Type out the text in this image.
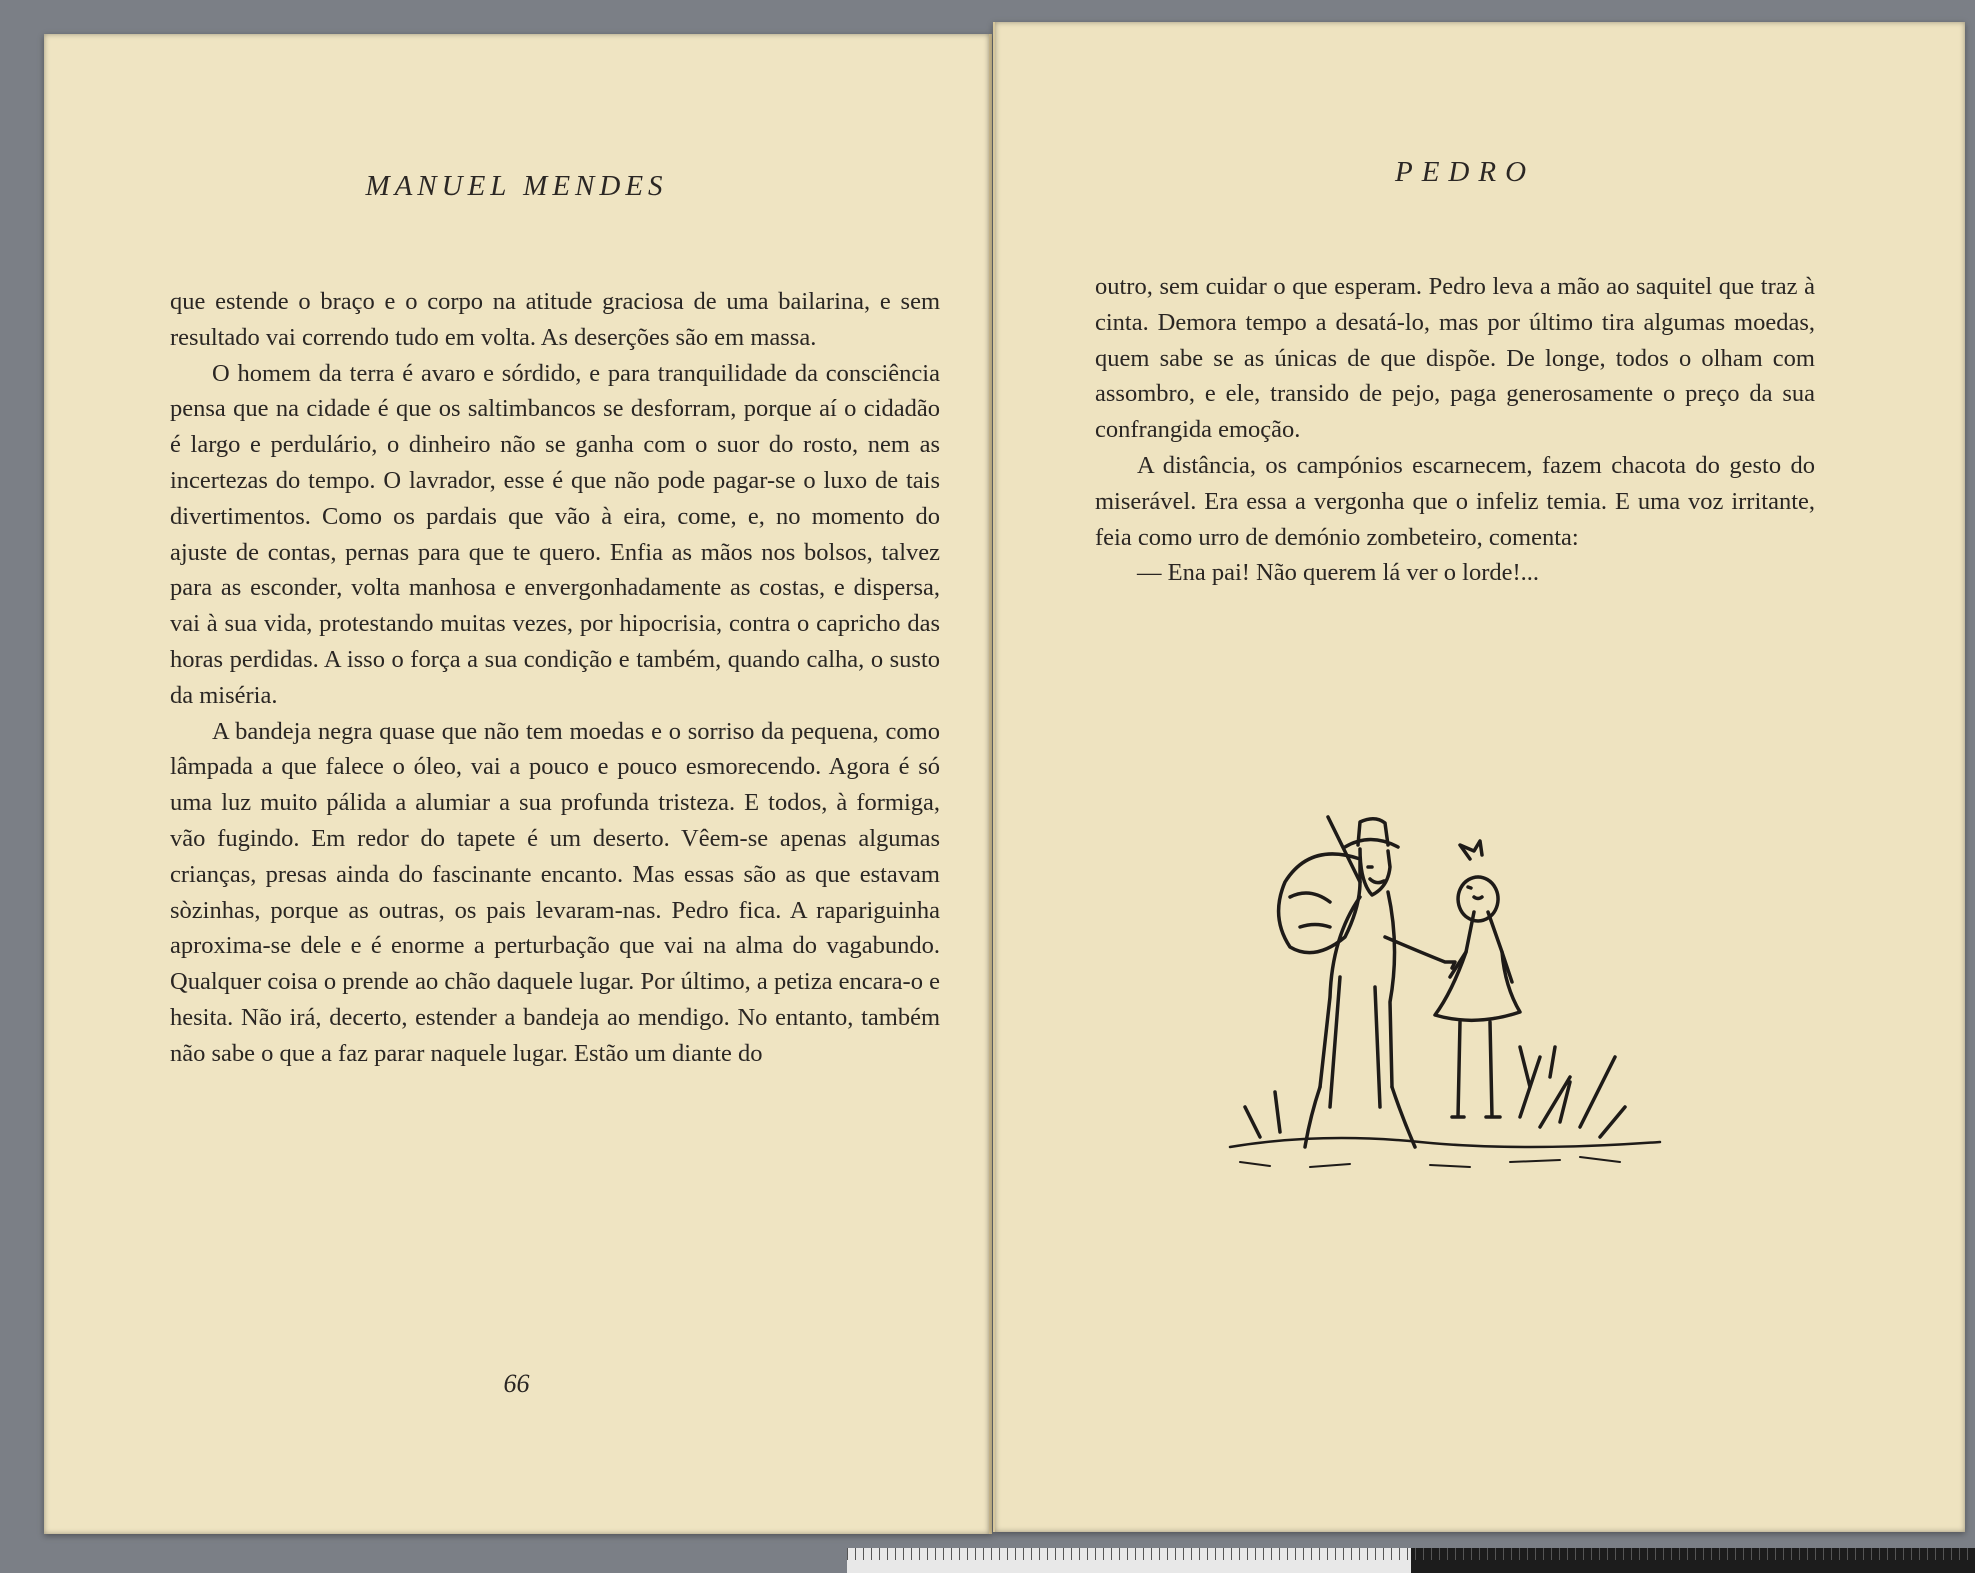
MANUEL MENDES

que estende o braço e o corpo na atitude graciosa de uma bailarina, e sem resultado vai correndo tudo em volta. As deserções são em massa.

O homem da terra é avaro e sórdido, e para tranquilidade da consciência pensa que na cidade é que os saltimbancos se desforram, porque aí o cidadão é largo e perdulário, o dinheiro não se ganha com o suor do rosto, nem as incertezas do tempo. O lavrador, esse é que não pode pagar-se o luxo de tais divertimentos. Como os pardais que vão à eira, come, e, no momento do ajuste de contas, pernas para que te quero. Enfia as mãos nos bolsos, talvez para as esconder, volta manhosa e envergonhadamente as costas, e dispersa, vai à sua vida, protestando muitas vezes, por hipocrisia, contra o capricho das horas perdidas. A isso o força a sua condição e também, quando calha, o susto da miséria.

A bandeja negra quase que não tem moedas e o sorriso da pequena, como lâmpada a que falece o óleo, vai a pouco e pouco esmorecendo. Agora é só uma luz muito pálida a alumiar a sua profunda tristeza. E todos, à formiga, vão fugindo. Em redor do tapete é um deserto. Vêem-se apenas algumas crianças, presas ainda do fascinante encanto. Mas essas são as que estavam sòzinhas, porque as outras, os pais levaram-nas. Pedro fica. A rapariguinha aproxima-se dele e é enorme a perturbação que vai na alma do vagabundo. Qualquer coisa o prende ao chão daquele lugar. Por último, a petiza encara-o e hesita. Não irá, decerto, estender a bandeja ao mendigo. No entanto, também não sabe o que a faz parar naquele lugar. Estão um diante do

66
PEDRO

outro, sem cuidar o que esperam. Pedro leva a mão ao saquitel que traz à cinta. Demora tempo a desatá-lo, mas por último tira algumas moedas, quem sabe se as únicas de que dispõe. De longe, todos o olham com assombro, e ele, transido de pejo, paga generosamente o preço da sua confrangida emoção.

A distância, os campónios escarnecem, fazem chacota do gesto do miserável. Era essa a vergonha que o infeliz temia. E uma voz irritante, feia como urro de demónio zombeteiro, comenta:

— Ena pai! Não querem lá ver o lorde!...
